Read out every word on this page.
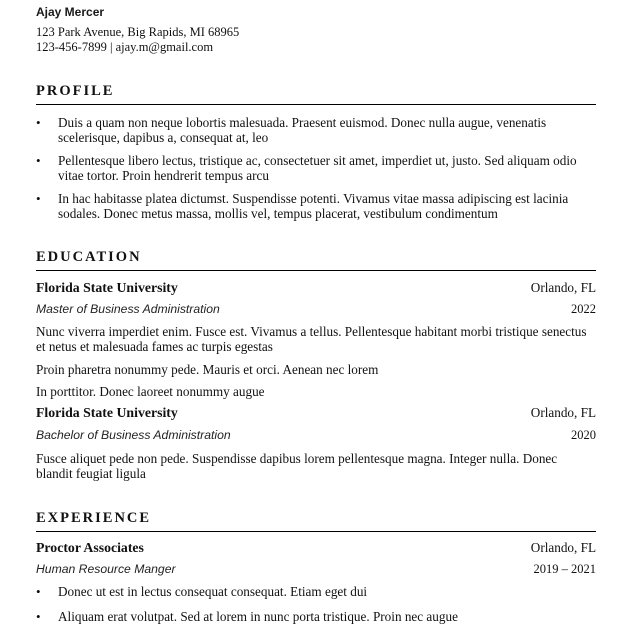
Ajay Mercer
123 Park Avenue, Big Rapids, MI 68965
123-456-7899 | ajay.m@gmail.com
PROFILE
• Duis a quam non neque lobortis malesuada. Praesent euismod. Donec nulla augue, venenatis scelerisque, dapibus a, consequat at, leo
• Pellentesque libero lectus, tristique ac, consectetuer sit amet, imperdiet ut, justo. Sed aliquam odio vitae tortor. Proin hendrerit tempus arcu
• In hac habitasse platea dictumst. Suspendisse potenti. Vivamus vitae massa adipiscing est lacinia sodales. Donec metus massa, mollis vel, tempus placerat, vestibulum condimentum
EDUCATION
Florida State University	Orlando, FL
Master of Business Administration	2022
Nunc viverra imperdiet enim. Fusce est. Vivamus a tellus. Pellentesque habitant morbi tristique senectus et netus et malesuada fames ac turpis egestas
Proin pharetra nonummy pede. Mauris et orci. Aenean nec lorem
In porttitor. Donec laoreet nonummy augue
Florida State University	Orlando, FL
Bachelor of Business Administration	2020
Fusce aliquet pede non pede. Suspendisse dapibus lorem pellentesque magna. Integer nulla. Donec blandit feugiat ligula
EXPERIENCE
Proctor Associates	Orlando, FL
Human Resource Manger	2019 – 2021
• Donec ut est in lectus consequat consequat. Etiam eget dui
• Aliquam erat volutpat. Sed at lorem in nunc porta tristique. Proin nec augue
